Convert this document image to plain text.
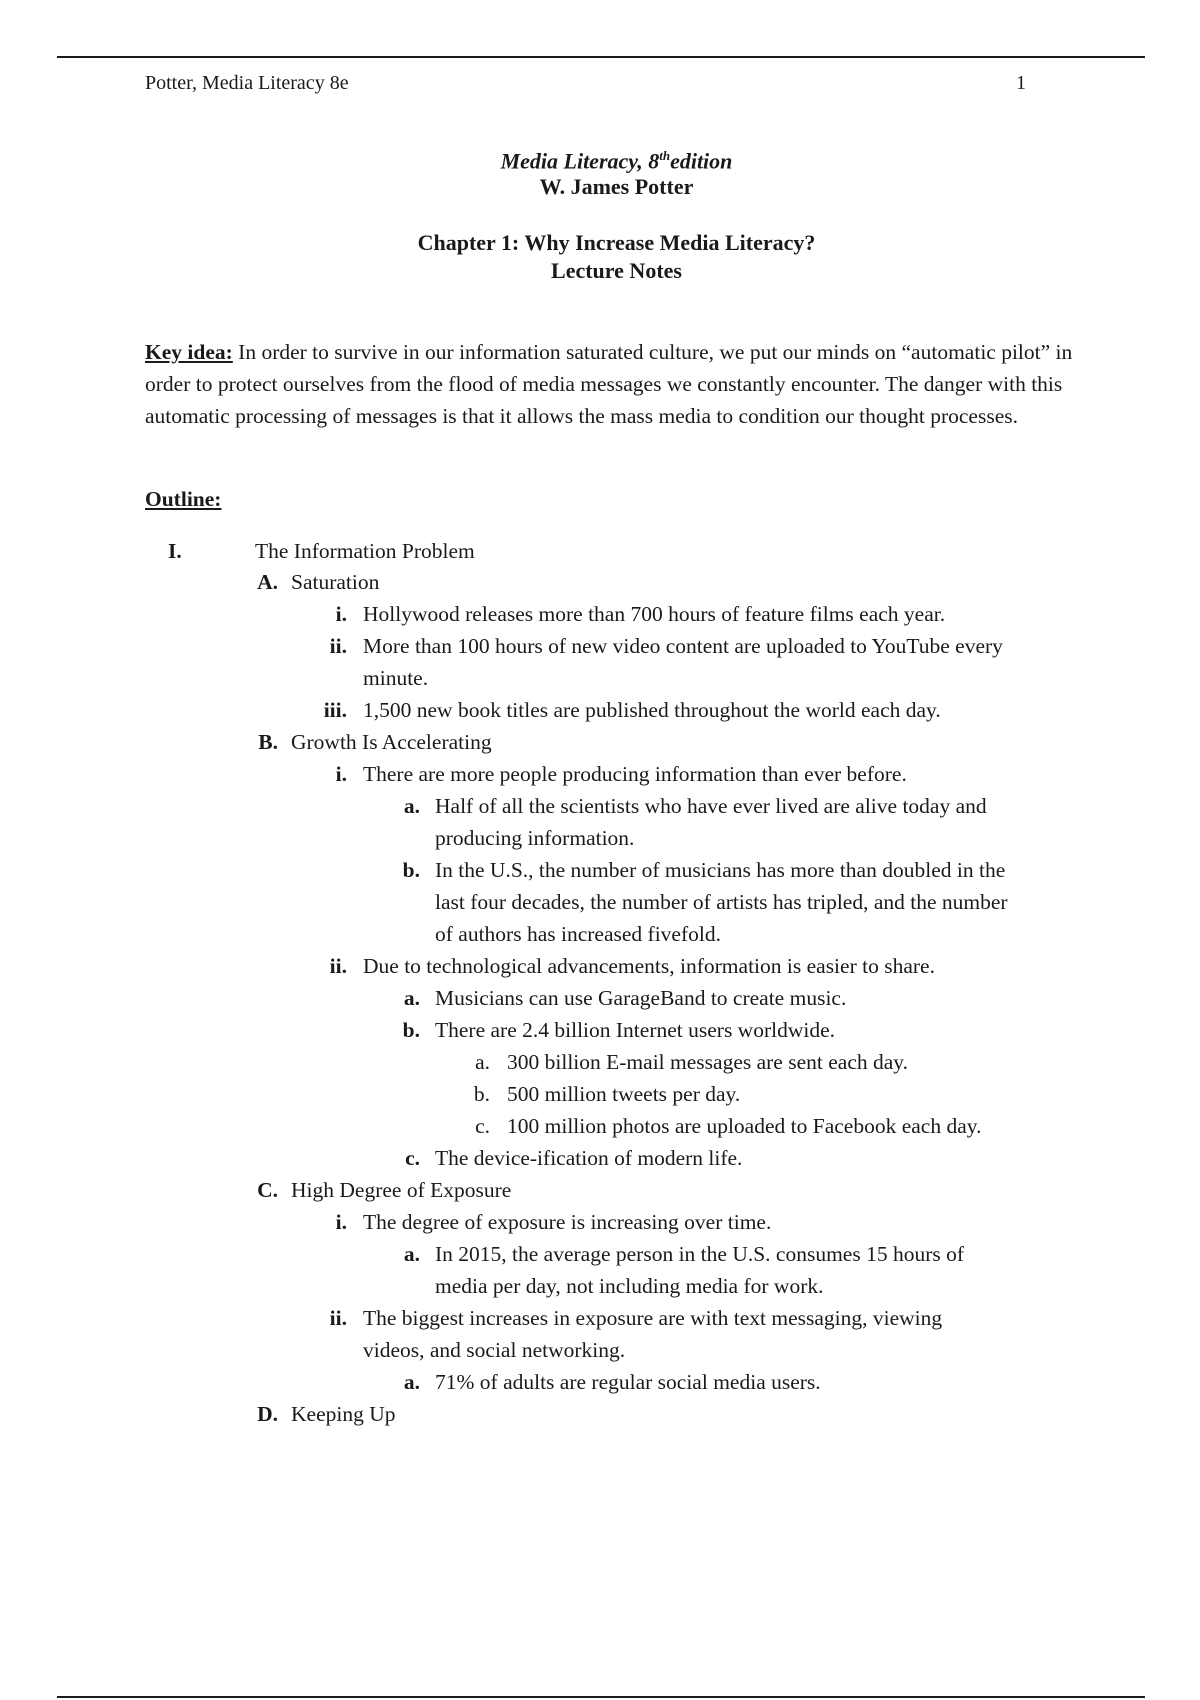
Potter, Media Literacy 8e	1
Media Literacy, 8thedition
W. James Potter
Chapter 1: Why Increase Media Literacy?
Lecture Notes
Key idea: In order to survive in our information saturated culture, we put our minds on “automatic pilot” in order to protect ourselves from the flood of media messages we constantly encounter. The danger with this automatic processing of messages is that it allows the mass media to condition our thought processes.
Outline:
I.	The Information Problem
A. Saturation
i. Hollywood releases more than 700 hours of feature films each year.
ii. More than 100 hours of new video content are uploaded to YouTube every
minute.
iii. 1,500 new book titles are published throughout the world each day.
B. Growth Is Accelerating
i. There are more people producing information than ever before.
a. Half of all the scientists who have ever lived are alive today and
producing information.
b. In the U.S., the number of musicians has more than doubled in the
last four decades, the number of artists has tripled, and the number
of authors has increased fivefold.
ii. Due to technological advancements, information is easier to share.
a. Musicians can use GarageBand to create music.
b. There are 2.4 billion Internet users worldwide.
a. 300 billion E-mail messages are sent each day.
b. 500 million tweets per day.
c. 100 million photos are uploaded to Facebook each day.
c. The device-ification of modern life.
C. High Degree of Exposure
i. The degree of exposure is increasing over time.
a. In 2015, the average person in the U.S. consumes 15 hours of
media per day, not including media for work.
ii. The biggest increases in exposure are with text messaging, viewing
videos, and social networking.
a. 71% of adults are regular social media users.
D. Keeping Up
